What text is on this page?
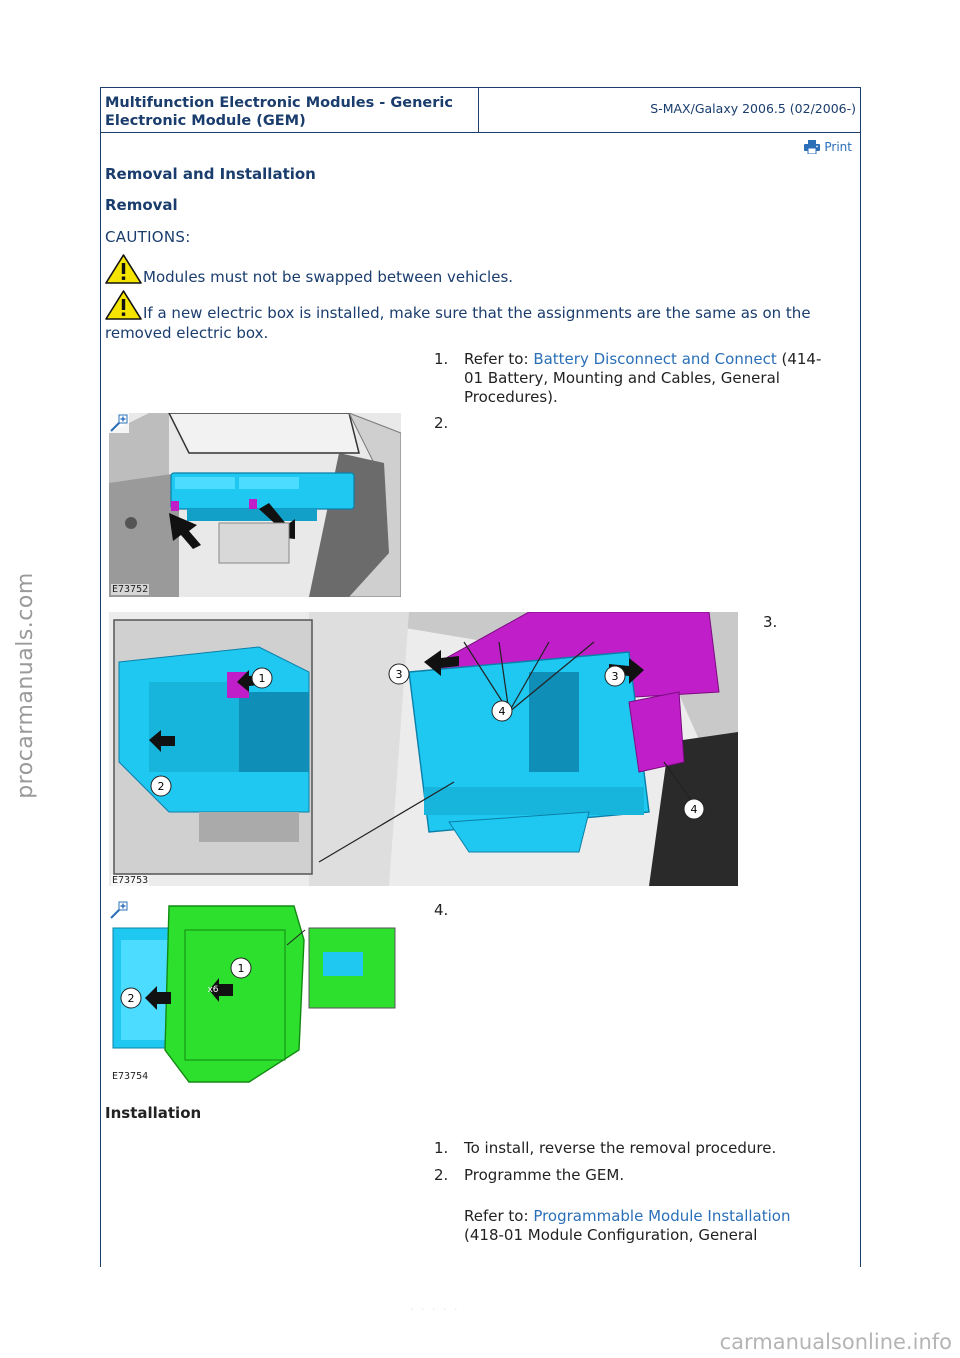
procarmanuals.com
Multifunction Electronic Modules - Generic Electronic Module (GEM)
S-MAX/Galaxy 2006.5 (02/2006-)
Print
Removal and Installation
Removal
CAUTIONS:
Modules must not be swapped between vehicles.
If a new electric box is installed, make sure that the assignments are the same as on the removed electric box.
1.	Refer to: Battery Disconnect and Connect (414-01 Battery, Mounting and Cables, General Procedures).
E73752
2.
1
2
3	3
4
4
E73753
3.
1
2
x6
E73754
4.
Installation
1.	To install, reverse the removal procedure.
2.	Programme the GEM.
Refer to: Programmable Module Installation
(418-01 Module Configuration, General
· · · · ·
carmanualsonline.info
